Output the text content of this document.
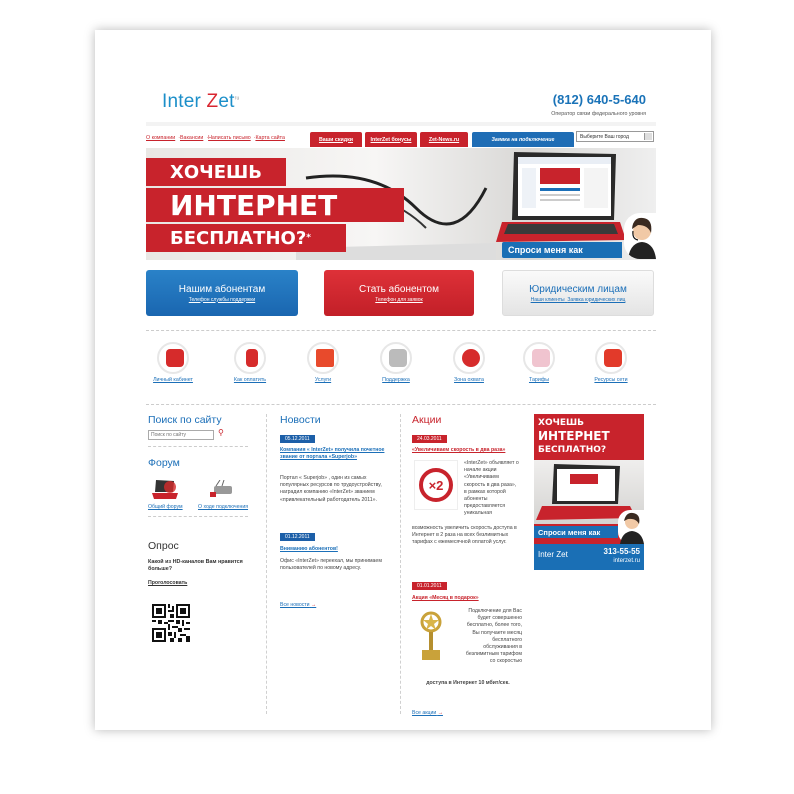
Inter Zet$^{ru}$	(812) 640-5-640
Оператор связи федерального уровня
О компании ·Вакансии ·Написать письмо ·Карта сайта	Ваши скидки	InterZet бонусы	Zet-News.ru	Заявка на подключение	Выберите Ваш город
ХОЧЕШЬ
ИНТЕРНЕТ
БЕСПЛАТНО? *
Спроси меня как
Нашим абонентам
Телефон службы поддержки
Стать абонентом
Телефон для заявок
Юридическим лицам
Наши клиенты Заявка юридических лиц
Личный кабинет	Как оплатить	Услуги	Поддержка	Зона охвата	Тарифы	Ресурсы сети
Поиск по сайту
Поиск по сайту
⚲
Форум
Общий форум	О ходе подключения
Опрос
Какой из HD-каналов Вам нравится больше?
Проголосовать
Новости
05.12.2011
Компания « InterZet» получила почетное звание от портала «Superjob»
Портал « Superjob» , один из самых популярных ресурсов по трудоустройству, наградил компанию «InterZet» званием «привлекательный работодатель 2011».
01.12.2011
Вниманию абонентов!
Офис «InterZet» переехал, мы принимаем пользователей по новому адресу.
Все новости →
Акции
24.03.2011
«Увеличиваем скорость в два раза»
×2
«InterZet» объявляет о начале акции «Увеличиваем скорость в два раза», в рамках которой абоненты предоставляется уникальная
возможность увеличить скорость доступа в Интернет в 2 раза на всех безлимитных тарифах с ежемесячной оплатой услуг.
01.01.2011
Акция «Месяц в подарок»
Подключение для Вас будет совершенно бесплатно, более того, Вы получаете месяц бесплатного обслуживания в безлимитным тарифом со скоростью
доступа в Интернет 10 мбит/сек.
Все акции →
ХОЧЕШЬ
ИНТЕРНЕТ
БЕСПЛАТНО?
Спроси меня как
Inter Zet	313-55-55
interzet.ru
